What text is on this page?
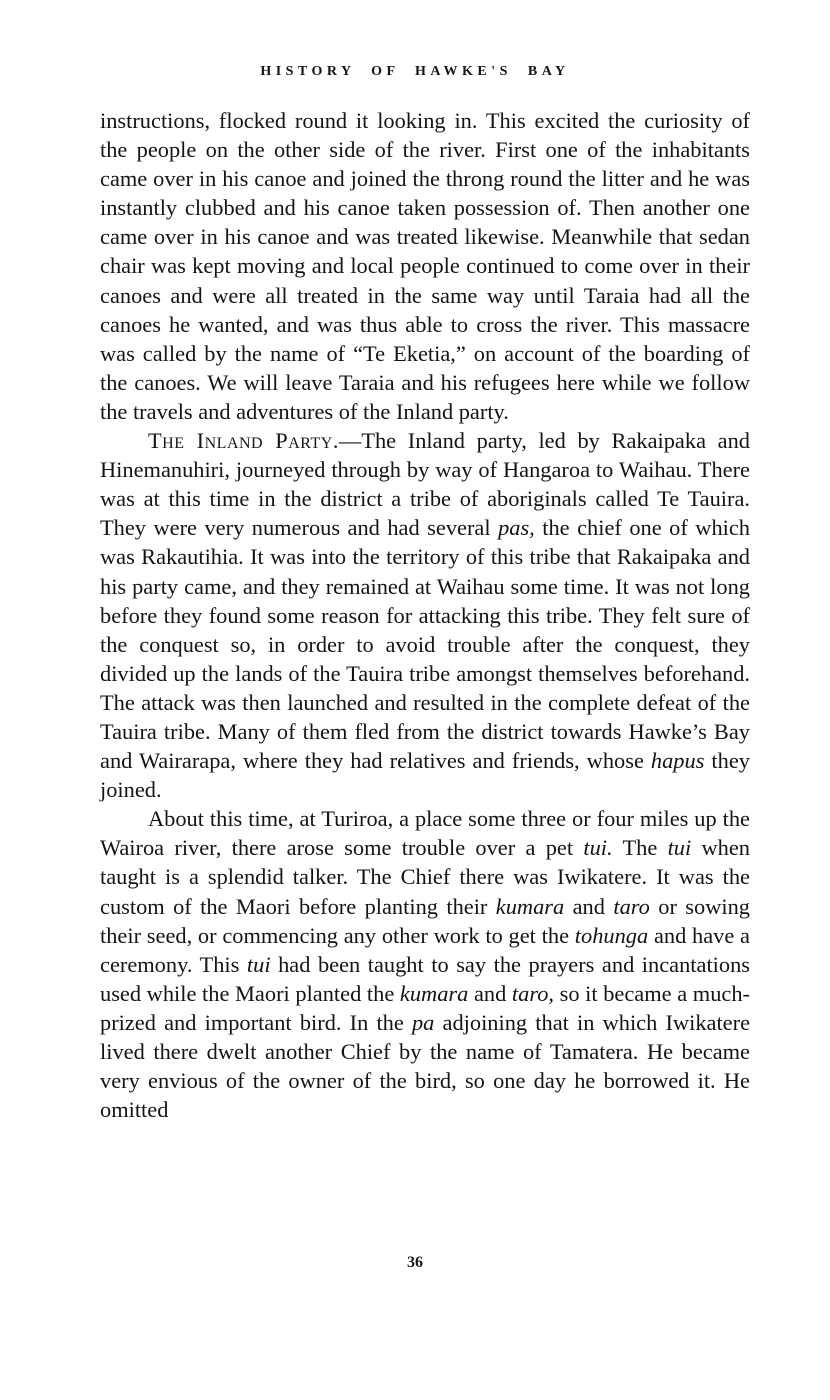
HISTORY OF HAWKE'S BAY

instructions, flocked round it looking in. This excited the curiosity of the people on the other side of the river. First one of the inhabitants came over in his canoe and joined the throng round the litter and he was instantly clubbed and his canoe taken possession of. Then another one came over in his canoe and was treated likewise. Meanwhile that sedan chair was kept moving and local people continued to come over in their canoes and were all treated in the same way until Taraia had all the canoes he wanted, and was thus able to cross the river. This massacre was called by the name of “Te Eketia,” on account of the boarding of the canoes. We will leave Taraia and his refugees here while we follow the travels and adventures of the Inland party.

The Inland Party.—The Inland party, led by Rakaipaka and Hinemanuhiri, journeyed through by way of Hangaroa to Waihau. There was at this time in the district a tribe of aboriginals called Te Tauira. They were very numerous and had several pas, the chief one of which was Rakautihia. It was into the territory of this tribe that Rakaipaka and his party came, and they remained at Waihau some time. It was not long before they found some reason for attacking this tribe. They felt sure of the conquest so, in order to avoid trouble after the conquest, they divided up the lands of the Tauira tribe amongst themselves beforehand. The attack was then launched and resulted in the complete defeat of the Tauira tribe. Many of them fled from the district towards Hawke’s Bay and Wairarapa, where they had relatives and friends, whose hapus they joined.

About this time, at Turiroa, a place some three or four miles up the Wairoa river, there arose some trouble over a pet tui. The tui when taught is a splendid talker. The Chief there was Iwikatere. It was the custom of the Maori before planting their kumara and taro or sowing their seed, or commencing any other work to get the tohunga and have a ceremony. This tui had been taught to say the prayers and incantations used while the Maori planted the kumara and taro, so it became a much-prized and important bird. In the pa adjoining that in which Iwikatere lived there dwelt another Chief by the name of Tamatera. He became very envious of the owner of the bird, so one day he borrowed it. He omitted

36
